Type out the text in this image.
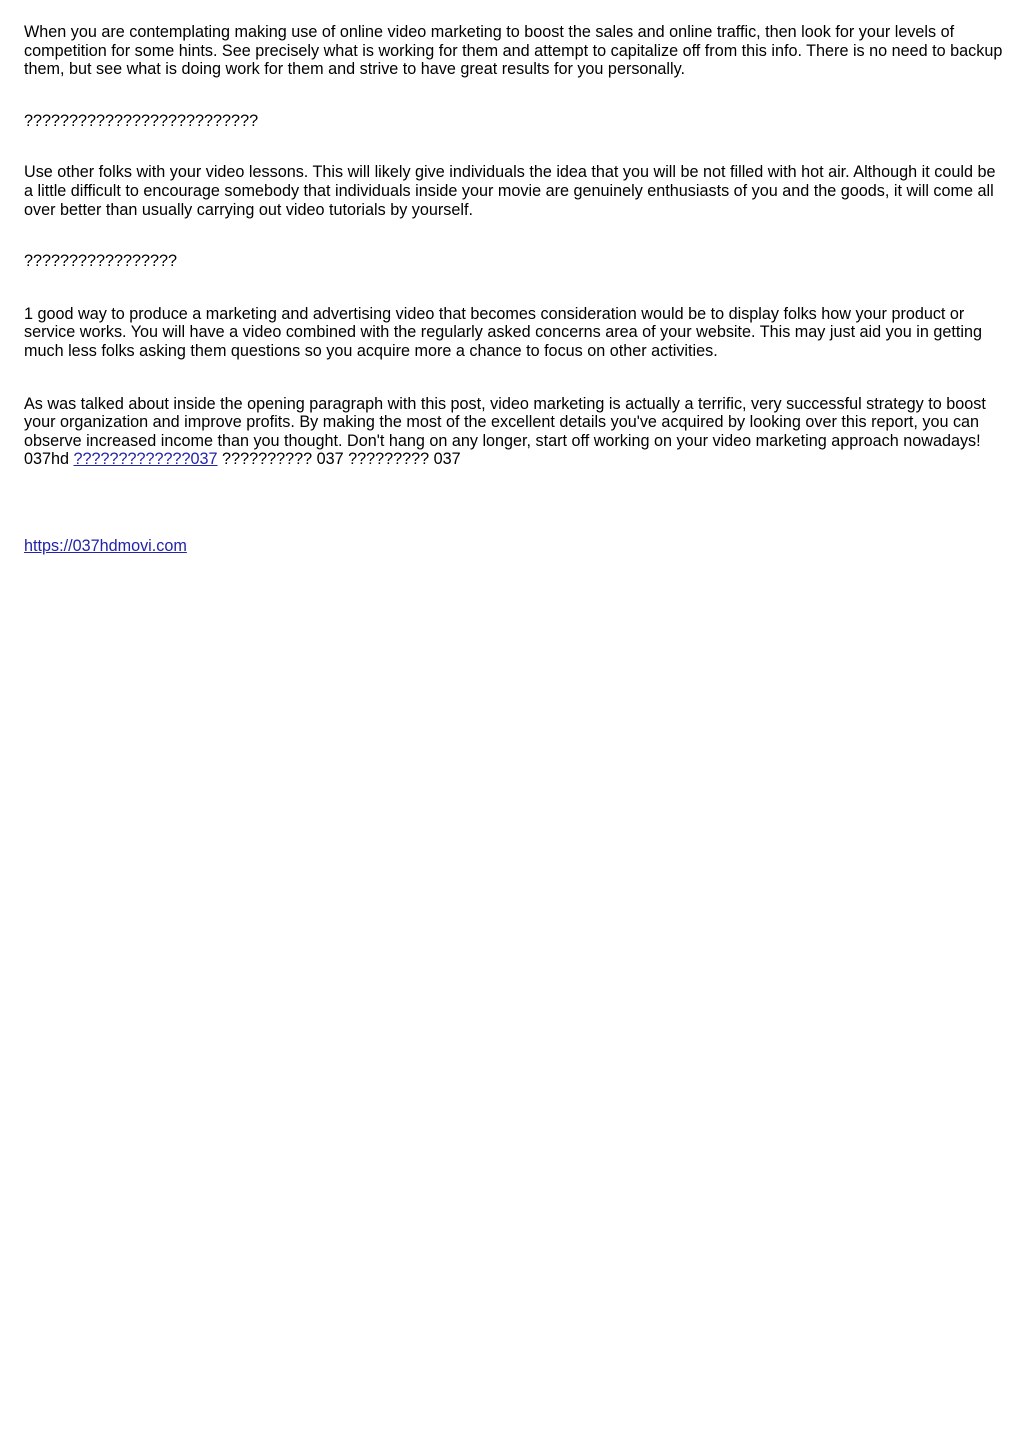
When you are contemplating making use of online video marketing to boost the sales and online traffic, then look for your levels of competition for some hints. See precisely what is working for them and attempt to capitalize off from this info. There is no need to backup them, but see what is doing work for them and strive to have great results for you personally.

??????????????????????????

Use other folks with your video lessons. This will likely give individuals the idea that you will be not filled with hot air. Although it could be a little difficult to encourage somebody that individuals inside your movie are genuinely enthusiasts of you and the goods, it will come all over better than usually carrying out video tutorials by yourself.

?????????????????

1 good way to produce a marketing and advertising video that becomes consideration would be to display folks how your product or service works. You will have a video combined with the regularly asked concerns area of your website. This may just aid you in getting much less folks asking them questions so you acquire more a chance to focus on other activities.

As was talked about inside the opening paragraph with this post, video marketing is actually a terrific, very successful strategy to boost your organization and improve profits. By making the most of the excellent details you've acquired by looking over this report, you can observe increased income than you thought. Don't hang on any longer, start off working on your video marketing approach nowadays! 037hd ?????????????037 ?????????? 037 ????????? 037

https://037hdmovi.com
